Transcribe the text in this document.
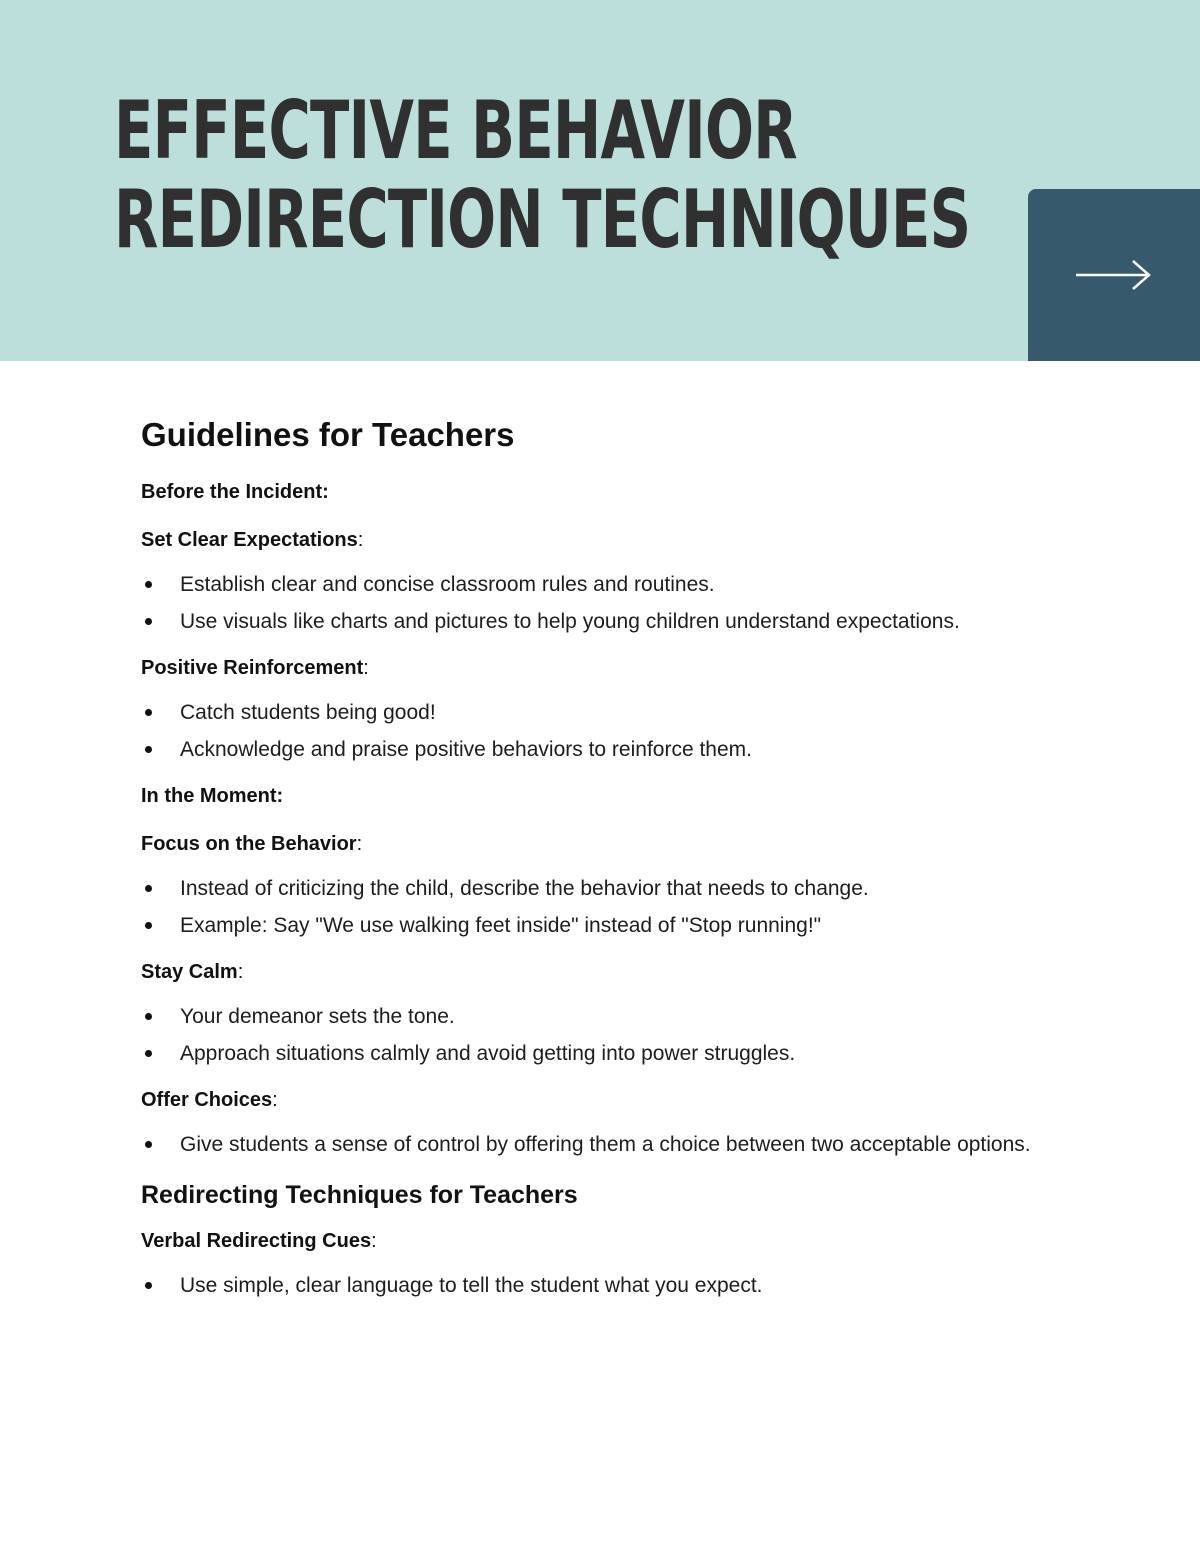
EFFECTIVE BEHAVIOR
REDIRECTION TECHNIQUES
Guidelines for Teachers

Before the Incident:

Set Clear Expectations:

Establish clear and concise classroom rules and routines.
Use visuals like charts and pictures to help young children understand expectations.

Positive Reinforcement:

Catch students being good!
Acknowledge and praise positive behaviors to reinforce them.

In the Moment:

Focus on the Behavior:

Instead of criticizing the child, describe the behavior that needs to change.
Example: Say "We use walking feet inside" instead of "Stop running!"

Stay Calm:

Your demeanor sets the tone.
Approach situations calmly and avoid getting into power struggles.

Offer Choices:

Give students a sense of control by offering them a choice between two acceptable options.
Redirecting Techniques for Teachers

Verbal Redirecting Cues:

Use simple, clear language to tell the student what you expect.
